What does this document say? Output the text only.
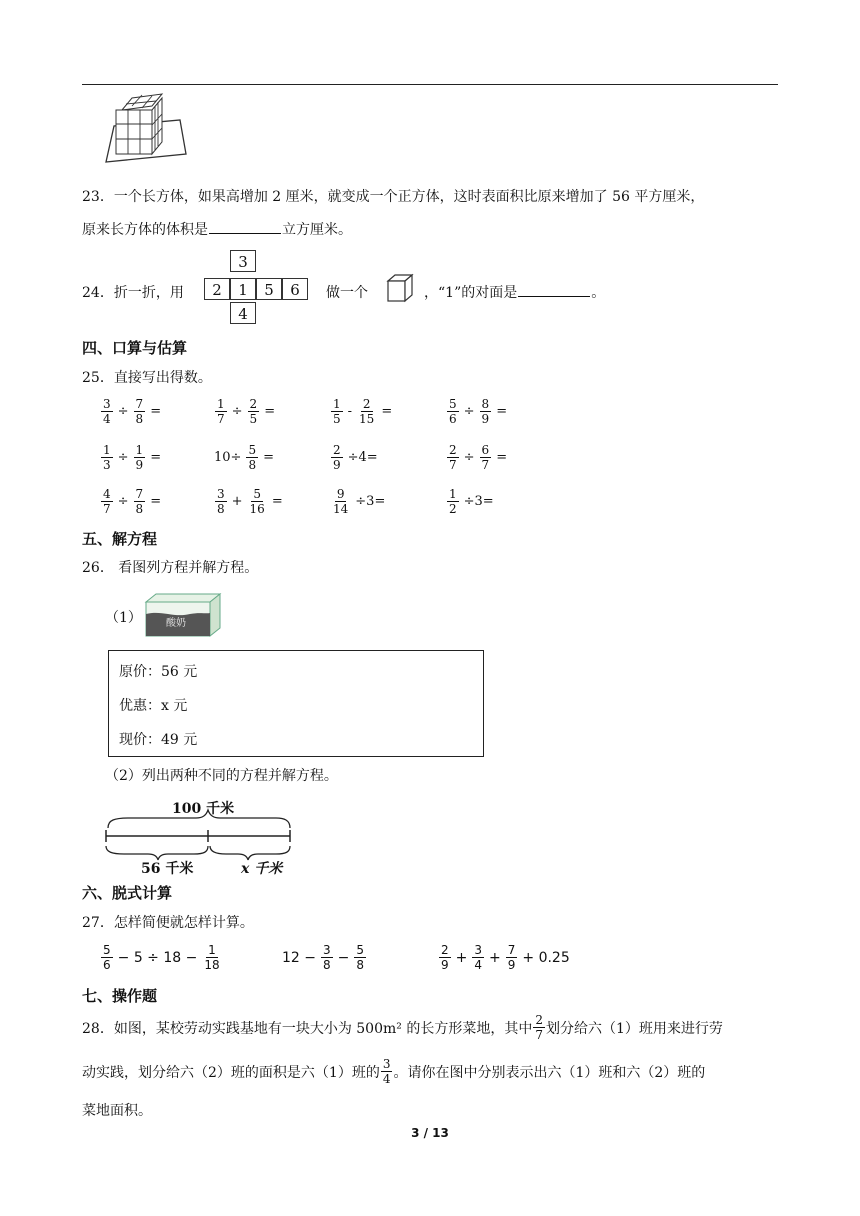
23．一个长方体，如果高增加 2 厘米，就变成一个正方体，这时表面积比原来增加了 56 平方厘米，
原来长方体的体积是	立方厘米。
24．折一折，用
3
2	1	5	6
4
做一个	，“1”的对面是	。
四、口算与估算
25．直接写出得数。
$\frac{3}{4} \div \frac{7}{8}$ =	$\frac{1}{7} \div \frac{2}{5}$ =	$\frac{1}{5} - \frac{2}{15}$ =	$\frac{5}{6} \div \frac{8}{9}$ =
$\frac{1}{3} \div \frac{1}{9}$ =	$10\div \frac{5}{8}$ =	$\frac{2}{9} \div 4=$	$\frac{2}{7} \div \frac{6}{7}$ =
$\frac{4}{7} \div \frac{7}{8}$ =	$\frac{3}{8} + \frac{5}{16}$ =	$\frac{9}{14} \div 3=$	$\frac{1}{2} \div 3=$
五、解方程
26． 看图列方程并解方程。
（1） 酸奶
原价：56 元
优惠：x 元
现价：49 元
（2）列出两种不同的方程并解方程。
100 千米
56 千米	x 千米
六、脱式计算
27．怎样简便就怎样计算。
$\frac{5}{6} - 5 \div 18 - \frac{1}{18}$	$12 - \frac{3}{8} - \frac{5}{8}$	$\frac{2}{9} + \frac{3}{4} + \frac{7}{9} + 0.25$
七、操作题
28． 如图，某校劳动实践基地有一块大小为 500m² 的长方形菜地，其中 $\frac{2}{7}$ 划分给六（1）班用来进行劳
动实践，划分给六（2）班的面积是六（1）班的 $\frac{3}{4}$ 。请你在图中分别表示出六（1）班和六（2）班的
菜地面积。
3 / 13
